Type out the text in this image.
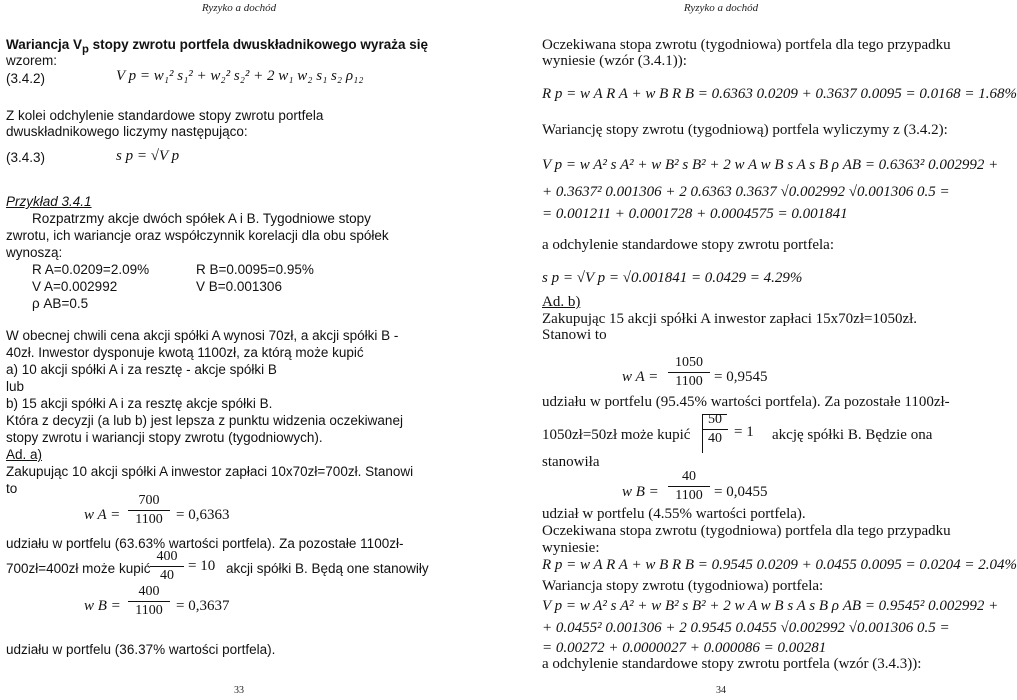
Ryzyko a dochód
Wariancja $V_p$ stopy zwrotu portfela dwuskładnikowego wyraża się
wzorem:
(3.4.2)	V p = w₁² s₁² + w₂² s₂² + 2 w₁ w₂ s₁ s₂ ρ₁₂
Z kolei odchylenie standardowe stopy zwrotu portfela
dwuskładnikowego liczymy następująco:
(3.4.3)	s p = √V p
Przykład 3.4.1
Rozpatrzmy akcje dwóch spółek A i B. Tygodniowe stopy
zwrotu, ich wariancje oraz współczynnik korelacji dla obu spółek
wynoszą:
R A=0.0209=2.09%	R B=0.0095=0.95%
V A=0.002992	V B=0.001306
ρ AB=0.5
W obecnej chwili cena akcji spółki A wynosi 70zł, a akcji spółki B -
40zł. Inwestor dysponuje kwotą 1100zł, za którą może kupić
a) 10 akcji spółki A i za resztę - akcje spółki B
lub
b) 15 akcji spółki A i za resztę akcje spółki B.
Która z decyzji (a lub b) jest lepsza z punktu widzenia oczekiwanej
stopy zwrotu i wariancji stopy zwrotu (tygodniowych).
Ad. a)
Zakupując 10 akcji spółki A inwestor zapłaci 10x70zł=700zł. Stanowi
to
w A =
700
1100 = 0,6363
udziału w portfelu (63.63% wartości portfela). Za pozostałe 1100zł-
700zł=400zł może kupić
400
40
= 10 akcji spółki B. Będą one stanowiły
w B =
400
1100 = 0,3637
udziału w portfelu (36.37% wartości portfela).
33
Ryzyko a dochód
Oczekiwana stopa zwrotu (tygodniowa) portfela dla tego przypadku
wyniesie (wzór (3.4.1)):
R p = w A R A + w B R B = 0.6363 0.0209 + 0.3637 0.0095 = 0.0168 = 1.68%
Wariancję stopy zwrotu (tygodniową) portfela wyliczymy z (3.4.2):
V p = w A² s A² + w B² s B² + 2 w A w B s A s B ρ AB = 0.6363² 0.002992 +
+ 0.3637² 0.001306 + 2 0.6363 0.3637 √0.002992 √0.001306 0.5 =
= 0.001211 + 0.0001728 + 0.0004575 = 0.001841
a odchylenie standardowe stopy zwrotu portfela:
s p = √V p = √0.001841 = 0.0429 = 4.29%
Ad. b)
Zakupując 15 akcji spółki A inwestor zapłaci 15x70zł=1050zł.
Stanowi to
w A =
1050
1100 = 0,9545
udziału w portfelu (95.45% wartości portfela). Za pozostałe 1100zł-
1050zł=50zł może kupić
50
40 = 1 akcję spółki B. Będzie ona
stanowiła
w B =
40
1100 = 0,0455
udział w portfelu (4.55% wartości portfela).
Oczekiwana stopa zwrotu (tygodniowa) portfela dla tego przypadku
wyniesie:
R p = w A R A + w B R B = 0.9545 0.0209 + 0.0455 0.0095 = 0.0204 = 2.04%
Wariancja stopy zwrotu (tygodniowa) portfela:
V p = w A² s A² + w B² s B² + 2 w A w B s A s B ρ AB = 0.9545² 0.002992 +
+ 0.0455² 0.001306 + 2 0.9545 0.0455 √0.002992 √0.001306 0.5 =
= 0.00272 + 0.0000027 + 0.000086 = 0.00281
a odchylenie standardowe stopy zwrotu portfela (wzór (3.4.3)):
34
